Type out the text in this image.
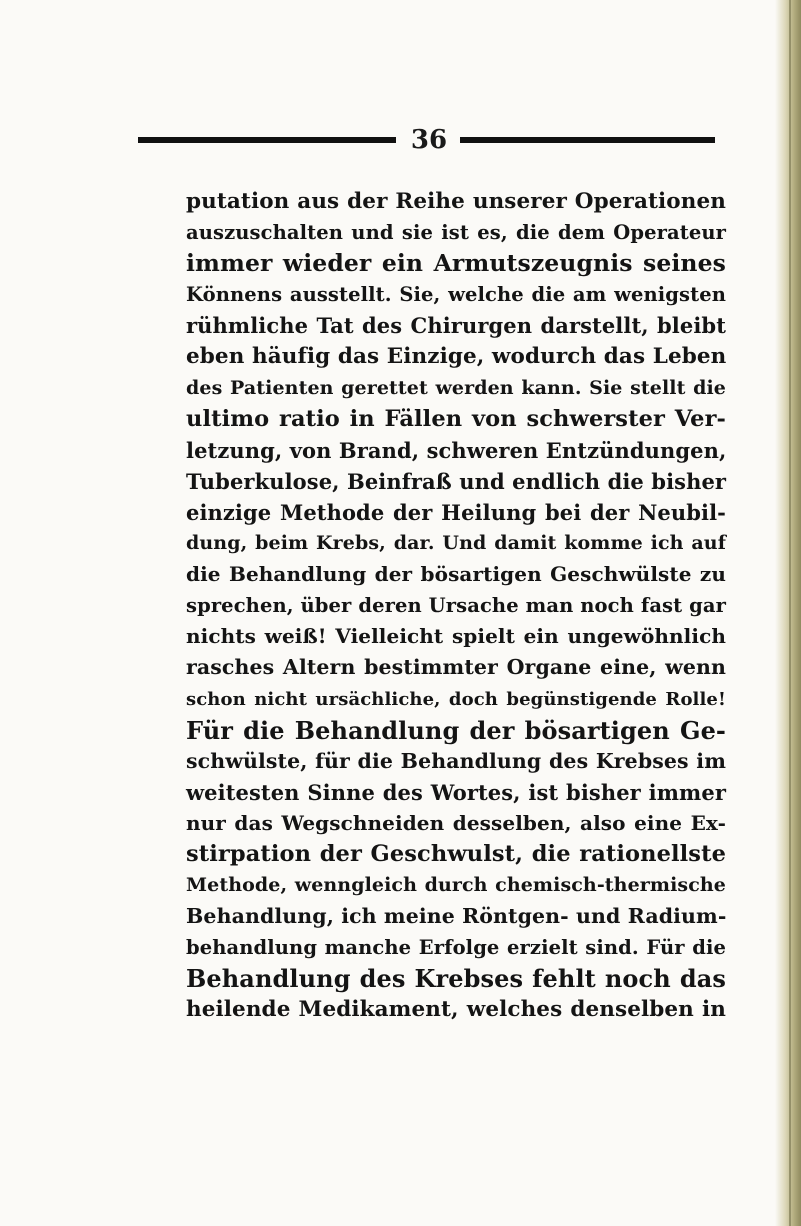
36
putation aus der Reihe unserer Operationen
auszuschalten und sie ist es, die dem Operateur
immer wieder ein Armutszeugnis seines
Könnens ausstellt. Sie, welche die am wenigsten
rühmliche Tat des Chirurgen darstellt, bleibt
eben häufig das Einzige, wodurch das Leben
des Patienten gerettet werden kann. Sie stellt die
ultimo ratio in Fällen von schwerster Ver-
letzung, von Brand, schweren Entzündungen,
Tuberkulose, Beinfraß und endlich die bisher
einzige Methode der Heilung bei der Neubil-
dung, beim Krebs, dar. Und damit komme ich auf
die Behandlung der bösartigen Geschwülste zu
sprechen, über deren Ursache man noch fast gar
nichts weiß! Vielleicht spielt ein ungewöhnlich
rasches Altern bestimmter Organe eine, wenn
schon nicht ursächliche, doch begünstigende Rolle!
Für die Behandlung der bösartigen Ge-
schwülste, für die Behandlung des Krebses im
weitesten Sinne des Wortes, ist bisher immer
nur das Wegschneiden desselben, also eine Ex-
stirpation der Geschwulst, die rationellste
Methode, wenngleich durch chemisch-thermische
Behandlung, ich meine Röntgen- und Radium-
behandlung manche Erfolge erzielt sind. Für die
Behandlung des Krebses fehlt noch das
heilende Medikament, welches denselben in
